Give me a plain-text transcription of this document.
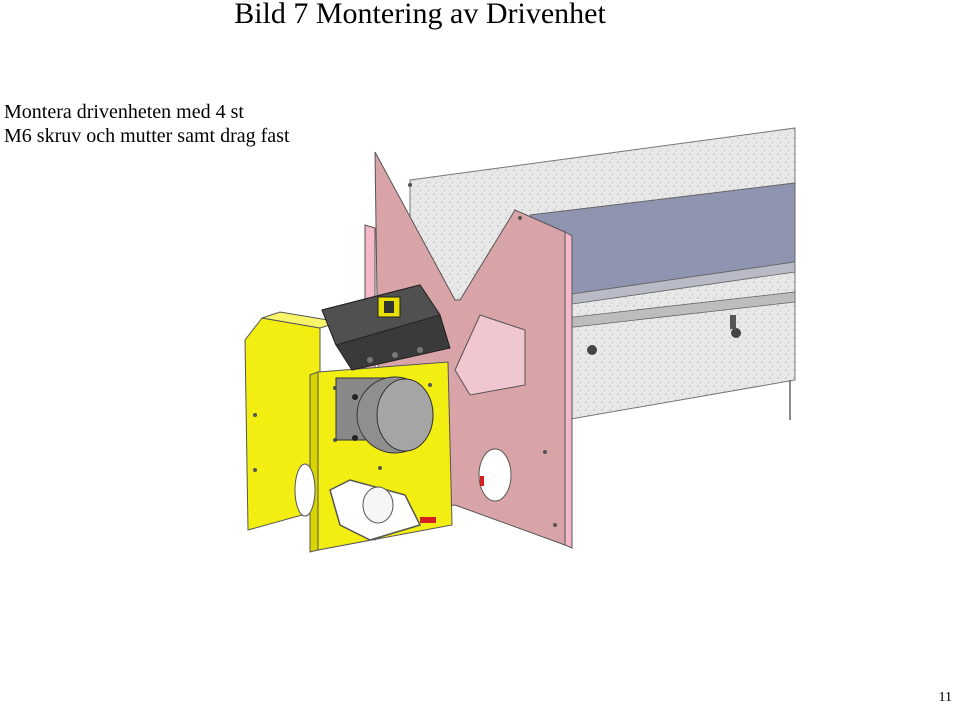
Bild 7 Montering av Drivenhet
Montera drivenheten med 4 st
M6 skruv och mutter samt drag fast
11
